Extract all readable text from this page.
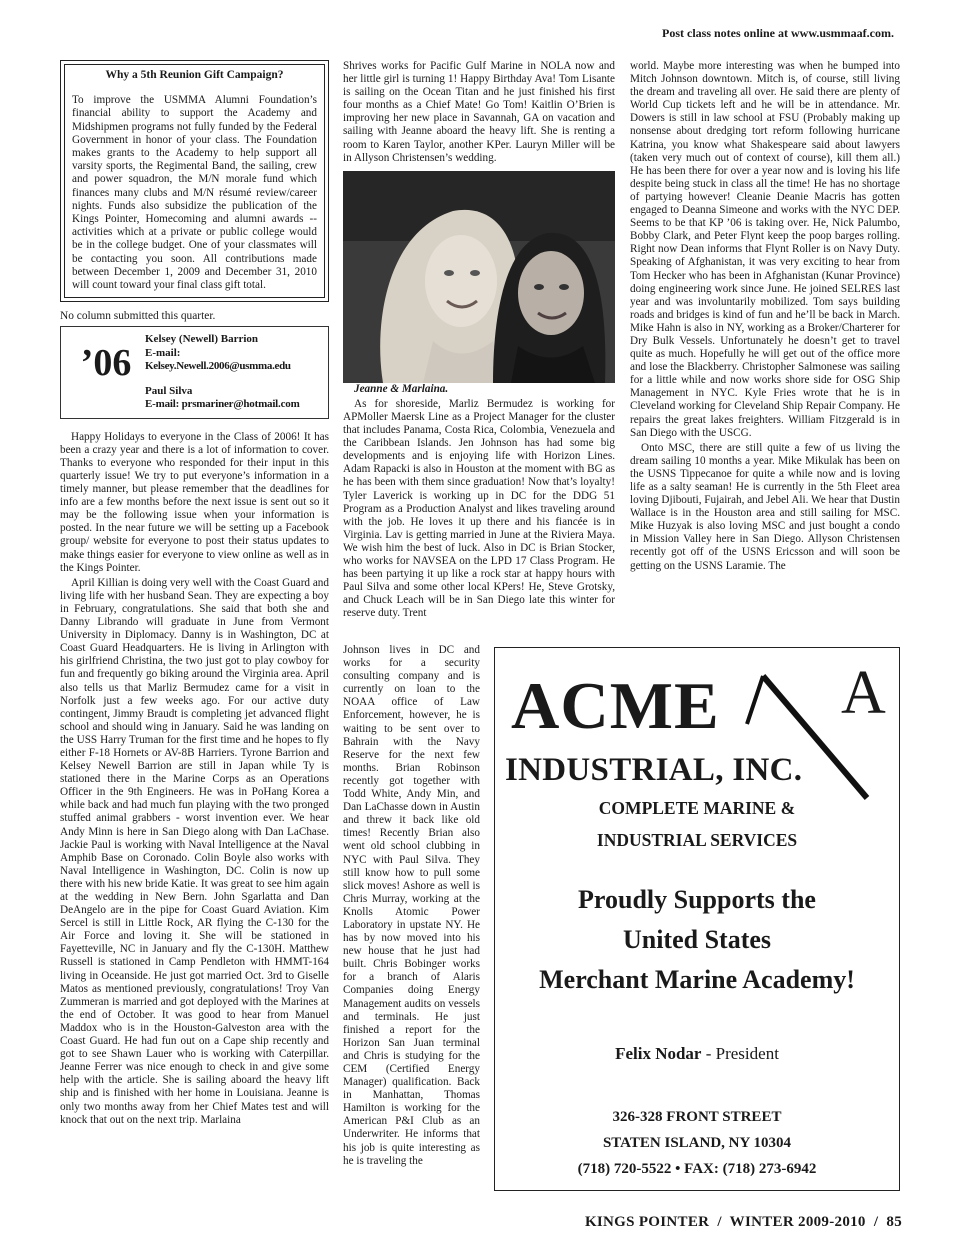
Post class notes online at www.usmmaaf.com.
Why a 5th Reunion Gift Campaign?
To improve the USMMA Alumni Foundation’s financial ability to support the Academy and Midshipmen programs not fully funded by the Federal Government in honor of your class. The Foundation makes grants to the Academy to help support all varsity sports, the Regimental Band, the sailing, crew and power squadron, the M/N morale fund which finances many clubs and M/N résumé review/career nights. Funds also subsidize the publication of the Kings Pointer, Homecoming and alumni awards -- activities which at a private or public college would be in the college budget. One of your classmates will be contacting you soon. All contributions made between December 1, 2009 and December 31, 2010 will count toward your final class gift total.
No column submitted this quarter.
’06
Kelsey (Newell) Barrion
E-mail:
Kelsey.Newell.2006@usmma.edu
Paul Silva
E-mail: prsmariner@hotmail.com

Happy Holidays to everyone in the Class of 2006! It has been a crazy year and there is a lot of information to cover. Thanks to everyone who responded for their input in this quarterly issue! We try to put everyone’s information in a timely manner, but please remember that the deadlines for info are a few months before the next issue is sent out so it may be the following issue when your information is posted. In the near future we will be setting up a Facebook group/ website for everyone to post their status updates to make things easier for everyone to view online as well as in the Kings Pointer.

April Killian is doing very well with the Coast Guard and living life with her husband Sean. They are expecting a boy in February, congratulations. She said that both she and Danny Librando will graduate in June from Vermont University in Diplomacy. Danny is in Washington, DC at Coast Guard Headquarters. He is living in Arlington with his girlfriend Christina, the two just got to play cowboy for fun and frequently go biking around the Virginia area. April also tells us that Marliz Bermudez came for a visit in Norfolk just a few weeks ago. For our active duty contingent, Jimmy Braudt is completing jet advanced flight school and should wing in January. Said he was landing on the USS Harry Truman for the first time and he hopes to fly either F-18 Hornets or AV-8B Harriers. Tyrone Barrion and Kelsey Newell Barrion are still in Japan while Ty is stationed there in the Marine Corps as an Operations Officer in the 9th Engineers. He was in PoHang Korea a while back and had much fun playing with the two pronged stuffed animal grabbers - worst invention ever. We hear Andy Minn is here in San Diego along with Dan LaChase. Jackie Paul is working with Naval Intelligence at the Naval Amphib Base on Coronado. Colin Boyle also works with Naval Intelligence in Washington, DC. Colin is now up there with his new bride Katie. It was great to see him again at the wedding in New Bern. John Sgarlatta and Dan DeAngelo are in the pipe for Coast Guard Aviation. Kim Sercel is still in Little Rock, AR flying the C-130 for the Air Force and loving it. She will be stationed in Fayetteville, NC in January and fly the C-130H. Matthew Russell is stationed in Camp Pendleton with HMMT-164 living in Oceanside. He just got married Oct. 3rd to Giselle Matos as mentioned previously, congratulations! Troy Van Zummeran is married and got deployed with the Marines at the end of October. It was good to hear from Manuel Maddox who is in the Houston-Galveston area with the Coast Guard. He had fun out on a Cape ship recently and got to see Shawn Lauer who is working with Caterpillar. Jeanne Ferrer was nice enough to check in and give some help with the article. She is sailing aboard the heavy lift ship and is finished with her home in Louisiana. Jeanne is only two months away from her Chief Mates test and will knock that out on the next trip. Marlaina

Shrives works for Pacific Gulf Marine in NOLA now and her little girl is turning 1! Happy Birthday Ava! Tom Lisante is sailing on the Ocean Titan and he just finished his first four months as a Chief Mate! Go Tom! Kaitlin O’Brien is improving her new place in Savannah, GA on vacation and sailing with Jeanne aboard the heavy lift. She is renting a room to Karen Taylor, another KPer. Lauryn Miller will be in Allyson Christensen’s wedding.

Jeanne & Marlaina.

As for shoreside, Marliz Bermudez is working for APMoller Maersk Line as a Project Manager for the cluster that includes Panama, Costa Rica, Colombia, Venezuela and the Caribbean Islands. Jen Johnson has had some big developments and is enjoying life with Horizon Lines. Adam Rapacki is also in Houston at the moment with BG as he has been with them since graduation! Now that’s loyalty! Tyler Laverick is working up in DC for the DDG 51 Program as a Production Analyst and likes traveling around with the job. He loves it up there and his fiancée is in Virginia. Lav is getting married in June at the Riviera Maya. We wish him the best of luck. Also in DC is Brian Stocker, who works for NAVSEA on the LPD 17 Class Program. He has been partying it up like a rock star at happy hours with Paul Silva and some other local KPers! He, Steve Grotsky, and Chuck Leach will be in San Diego late this winter for reserve duty. Trent

Johnson lives in DC and works for a security consulting company and is currently on loan to the NOAA office of Law Enforcement, however, he is waiting to be sent over to Bahrain with the Navy Reserve for the next few months. Brian Robinson recently got together with Todd White, Andy Min, and Dan LaChasse down in Austin and threw it back like old times! Recently Brian also went old school clubbing in NYC with Paul Silva. They still know how to pull some slick moves! Ashore as well is Chris Murray, working at the Knolls Atomic Power Laboratory in upstate NY. He has by now moved into his new house that he just had built. Chris Bobinger works for a branch of Alaris Companies doing Energy Management audits on vessels and terminals. He just finished a report for the Horizon San Juan terminal and Chris is studying for the CEM (Certified Energy Manager) qualification. Back in Manhattan, Thomas Hamilton is working for the American P&I Club as an Underwriter. He informs that his job is quite interesting as he is traveling the

world. Maybe more interesting was when he bumped into Mitch Johnson downtown. Mitch is, of course, still living the dream and traveling all over. He said there are plenty of World Cup tickets left and he will be in attendance. Mr. Dowers is still in law school at FSU (Probably making up nonsense about dredging tort reform following hurricane Katrina, you know what Shakespeare said about lawyers (taken very much out of context of course), kill them all.) He has been there for over a year now and is loving his life despite being stuck in class all the time! He has no shortage of partying however! Cleanie Deanie Macris has gotten engaged to Deanna Simeone and works with the NYC DEP. Seems to be that KP ’06 is taking over. He, Nick Palumbo, Bobby Clark, and Peter Flynt keep the poop barges rolling. Right now Dean informs that Flynt Roller is on Navy Duty. Speaking of Afghanistan, it was very exciting to hear from Tom Hecker who has been in Afghanistan (Kunar Province) doing engineering work since June. He joined SELRES last year and was involuntarily mobilized. Tom says building roads and bridges is kind of fun and he’ll be back in March. Mike Hahn is also in NY, working as a Broker/Charterer for Dry Bulk Vessels. Unfortunately he doesn’t get to travel quite as much. Hopefully he will get out of the office more and lose the Blackberry. Christopher Salmonese was sailing for a little while and now works shore side for OSG Ship Management in NYC. Kyle Fries wrote that he is in Cleveland working for Cleveland Ship Repair Company. He repairs the great lakes freighters. William Fitzgerald is in San Diego with the USCG.

Onto MSC, there are still quite a few of us living the dream sailing 10 months a year. Mike Mikulak has been on the USNS Tippecanoe for quite a while now and is loving life as a salty seaman! He is currently in the 5th Fleet area loving Djibouti, Fujairah, and Jebel Ali. We hear that Dustin Wallace is in the Houston area and still sailing for MSC. Mike Huzyak is also loving MSC and just bought a condo in Mission Valley here in San Diego. Allyson Christensen recently got off of the USNS Ericsson and will soon be getting on the USNS Laramie. The

ACME A
INDUSTRIAL, INC.
COMPLETE MARINE &
INDUSTRIAL SERVICES
Proudly Supports the
United States
Merchant Marine Academy!
Felix Nodar - President
326-328 FRONT STREET
STATEN ISLAND, NY 10304
(718) 720-5522 • FAX: (718) 273-6942
KINGS POINTER  /  WINTER 2009-2010  /  85
